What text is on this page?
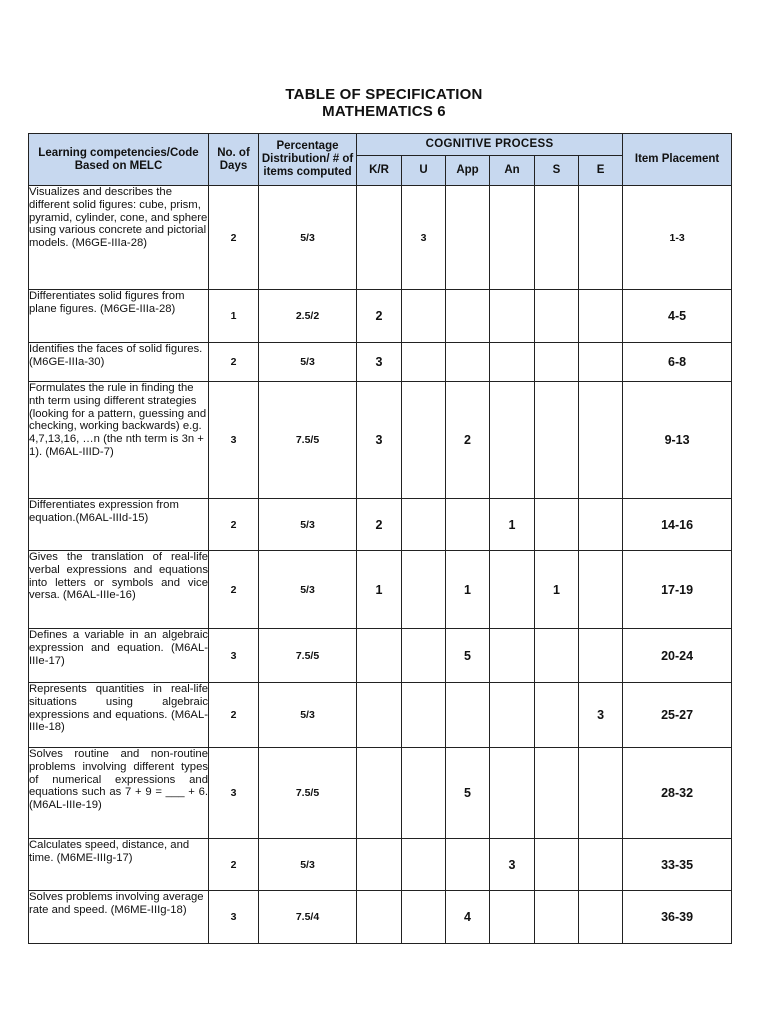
TABLE OF SPECIFICATION
MATHEMATICS 6
Learning competencies/Code Based on MELC	No. of Days	Percentage Distribution/ # of items computed	COGNITIVE PROCESS						Item Placement
			K/R	U	App	An	S	E	
Visualizes and describes the different solid figures: cube, prism, pyramid, cylinder, cone, and sphere using various concrete and pictorial models. (M6GE-IIIa-28)	2	5/3		3					1-3
Differentiates solid figures from plane figures. (M6GE-IIIa-28)	1	2.5/2	2						4-5
Identifies the faces of solid figures. (M6GE-IIIa-30)	2	5/3	3						6-8
Formulates the rule in finding the nth term using different strategies (looking for a pattern, guessing and checking, working backwards) e.g. 4,7,13,16, …n (the nth term is 3n + 1). (M6AL-IIID-7)	3	7.5/5	3		2				9-13
Differentiates expression from equation.(M6AL-IIId-15)	2	5/3	2			1			14-16
Gives the translation of real-life verbal expressions and equations into letters or symbols and vice versa. (M6AL-IIIe-16)	2	5/3	1		1		1		17-19
Defines a variable in an algebraic expression and equation. (M6AL-IIIe-17)	3	7.5/5			5				20-24
Represents quantities in real-life situations using algebraic expressions and equations. (M6AL-IIIe-18)	2	5/3						3	25-27
Solves routine and non-routine problems involving different types of numerical expressions and equations such as 7 + 9 = ___ + 6. (M6AL-IIIe-19)	3	7.5/5			5				28-32
Calculates speed, distance, and time. (M6ME-IIIg-17)	2	5/3				3			33-35
Solves problems involving average rate and speed. (M6ME-IIIg-18)	3	7.5/4			4				36-39
